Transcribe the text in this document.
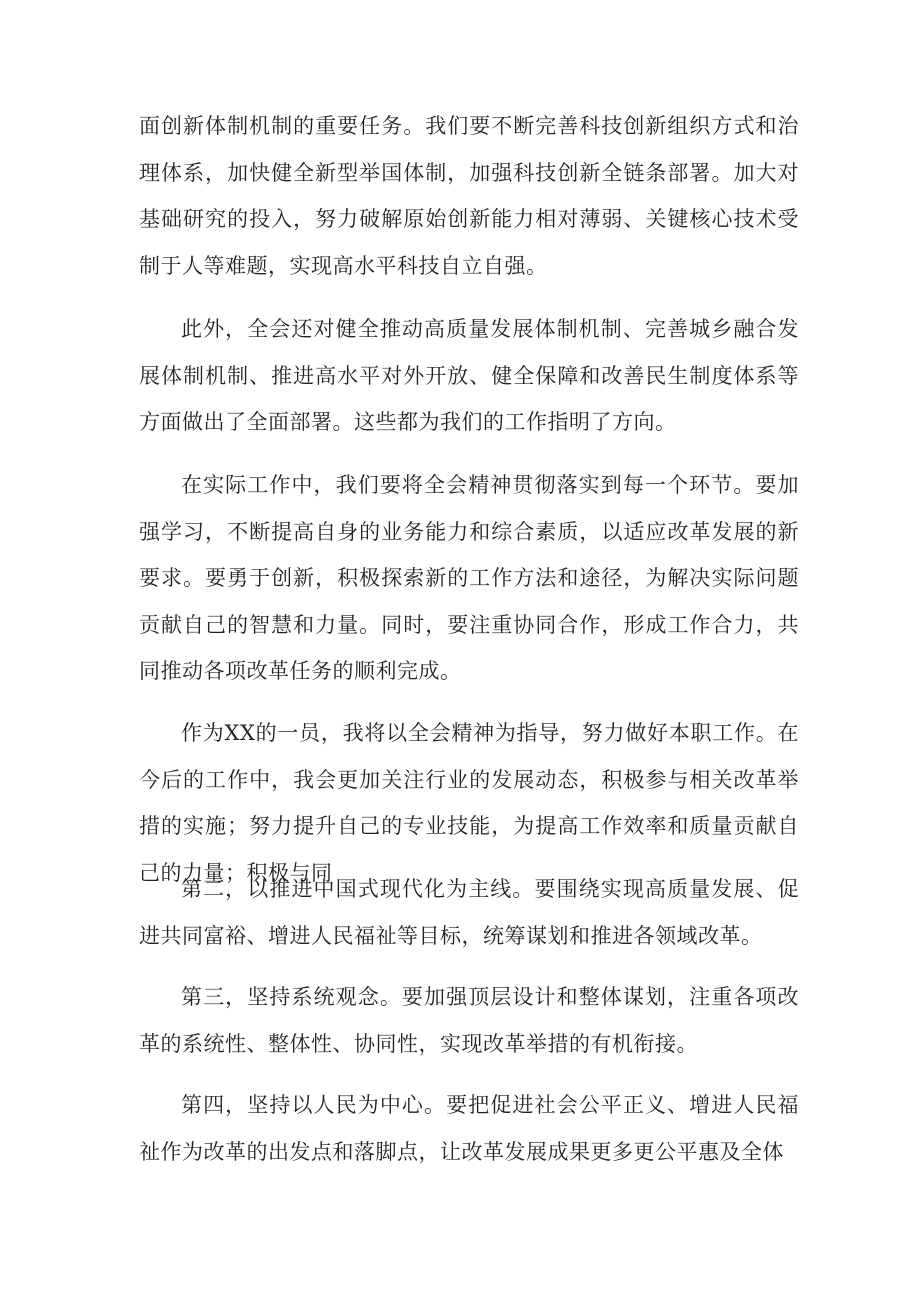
面创新体制机制的重要任务。我们要不断完善科技创新组织方式和治理体系，加快健全新型举国体制，加强科技创新全链条部署。加大对基础研究的投入，努力破解原始创新能力相对薄弱、关键核心技术受制于人等难题，实现高水平科技自立自强。

此外，全会还对健全推动高质量发展体制机制、完善城乡融合发展体制机制、推进高水平对外开放、健全保障和改善民生制度体系等方面做出了全面部署。这些都为我们的工作指明了方向。

在实际工作中，我们要将全会精神贯彻落实到每一个环节。要加强学习，不断提高自身的业务能力和综合素质，以适应改革发展的新要求。要勇于创新，积极探索新的工作方法和途径，为解决实际问题贡献自己的智慧和力量。同时，要注重协同合作，形成工作合力，共同推动各项改革任务的顺利完成。

作为XX的一员，我将以全会精神为指导，努力做好本职工作。在今后的工作中，我会更加关注行业的发展动态，积极参与相关改革举措的实施；努力提升自己的专业技能，为提高工作效率和质量贡献自己的力量；积极与同

第二，以推进中国式现代化为主线。要围绕实现高质量发展、促进共同富裕、增进人民福祉等目标，统筹谋划和推进各领域改革。

第三，坚持系统观念。要加强顶层设计和整体谋划，注重各项改革的系统性、整体性、协同性，实现改革举措的有机衔接。

第四，坚持以人民为中心。要把促进社会公平正义、增进人民福祉作为改革的出发点和落脚点，让改革发展成果更多更公平惠及全体
